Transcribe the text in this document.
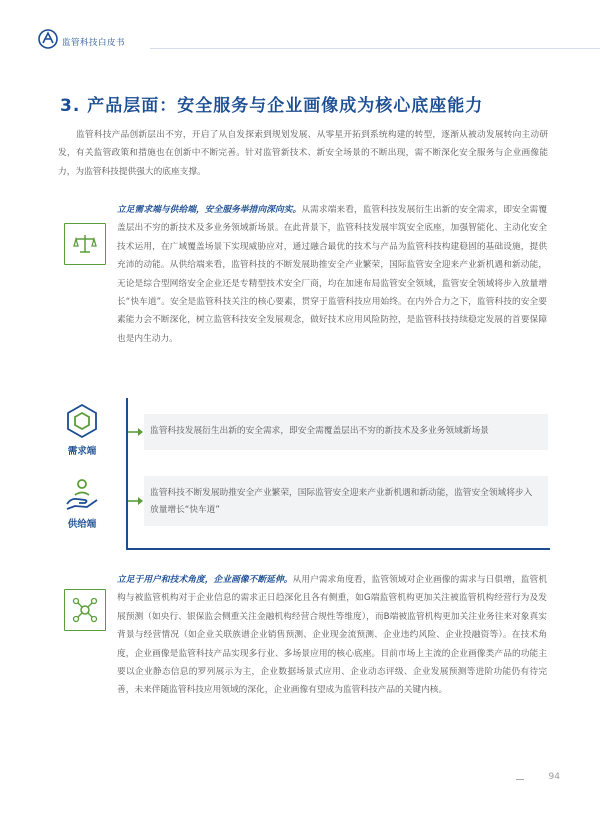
监管科技白皮书
3. 产品层面：安全服务与企业画像成为核心底座能力
监管科技产品创新层出不穷，开启了从自发探索到规划发展、从零星开拓到系统构建的转型，逐渐从被动发展转向主动研发，有关监管政策和措施也在创新中不断完善。针对监管新技术、新安全场景的不断出现，需不断深化安全服务与企业画像能力，为监管科技提供强大的底座支撑。
立足需求端与供给端，安全服务举措向深向实。从需求端来看，监管科技发展衍生出新的安全需求，即安全需覆盖层出不穷的新技术及多业务领域新场景。在此背景下，监管科技发展牢筑安全底座，加强智能化、主动化安全技术运用，在广域覆盖场景下实现威胁应对，通过融合最优的技术与产品为监管科技构建稳固的基础设施，提供充沛的动能。从供给端来看，监管科技的不断发展助推安全产业繁荣，国际监管安全迎来产业新机遇和新动能，无论是综合型网络安全企业还是专精型技术安全厂商，均在加速布局监管安全领域，监管安全领域将步入放量增长“快车道”。安全是监管科技关注的核心要素，贯穿于监管科技应用始终。在内外合力之下，监管科技的安全要素能力会不断深化，树立监管科技安全发展观念，做好技术应用风险防控，是监管科技持续稳定发展的首要保障也是内生动力。
需求端
供给端
监管科技发展衍生出新的安全需求，即安全需覆盖层出不穷的新技术及多业务领域新场景
监管科技不断发展助推安全产业繁荣，国际监管安全迎来产业新机遇和新动能，监管安全领域将步入放量增长“快车道”
立足于用户和技术角度，企业画像不断延伸。从用户需求角度看，监管领域对企业画像的需求与日俱增，监管机构与被监管机构对于企业信息的需求正日趋深化且各有侧重，如G端监管机构更加关注被监管机构经营行为及发展预测（如央行、银保监会侧重关注金融机构经营合规性等维度），而B端被监管机构更加关注业务往来对象真实背景与经营情况（如企业关联族谱企业销售预测、企业现金流预测、企业违约风险、企业投融资等）。在技术角度，企业画像是监管科技产品实现多行业、多场景应用的核心底座。目前市场上主流的企业画像类产品的功能主要以企业静态信息的罗列展示为主，企业数据场景式应用、企业动态评级、企业发展预测等进阶功能仍有待完善，未来伴随监管科技应用领域的深化，企业画像有望成为监管科技产品的关键内核。
94
